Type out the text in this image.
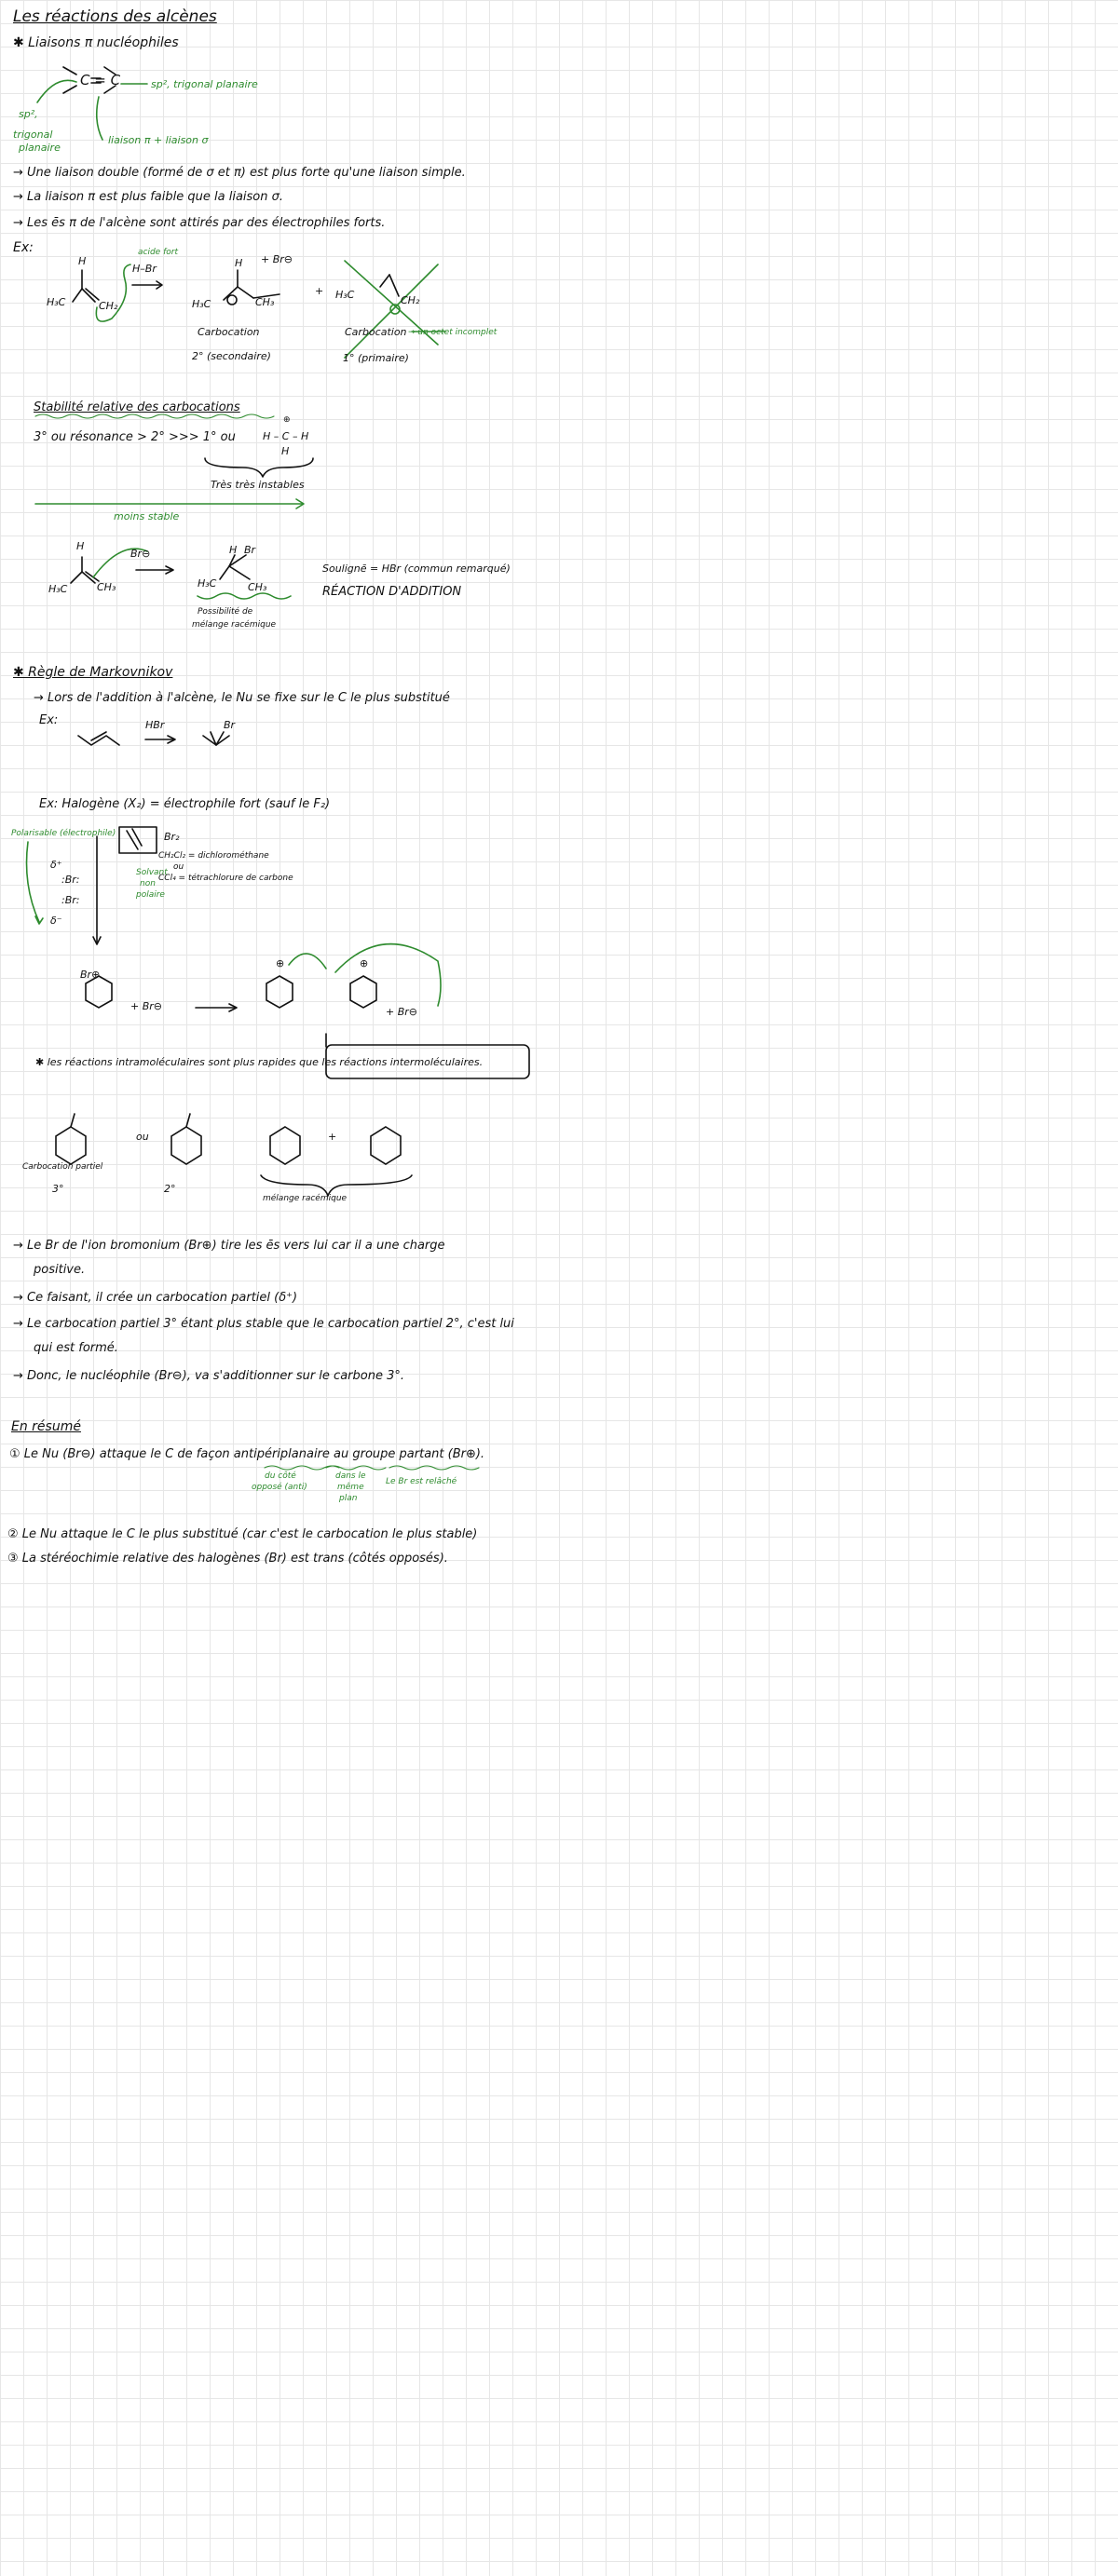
Les réactions des alcènes
✱ Liaisons π nucléophiles
C = C
sp²,
trigonal
planaire
sp², trigonal planaire
liaison π + liaison σ
→ Une liaison double (formé de σ et π) est plus forte qu'une liaison simple.
→ La liaison π est plus faible que la liaison σ.
→ Les ēs π de l'alcène sont attirés par des électrophiles forts.
Ex:	acide fort
H–Br
+ Br⊖
H
H₃C	CH₂
H
H₃C	CH₃
+ H₃C	CH₂
Carbocation
2° (secondaire)
Carbocation → un octet incomplet
1° (primaire)
Stabilité relative des carbocations
3° ou résonance > 2° >>> 1° ou
⊕
H – C – H
H
Très très instables
moins stable
H
Br⊖
H₃C	CH₃
H Br
H₃C	CH₃
Possibilité de
mélange racémique
Soulignē = HBr (commun remarqué)
RÉACTION D'ADDITION
✱ Règle de Markovnikov
→ Lors de l'addition à l'alcène, le Nu se fixe sur le C le plus substitué
Ex:	HBr	Br
Ex: Halogène (X₂) = électrophile fort (sauf le F₂)
Polarisable (électrophile)	Br₂
CH₂Cl₂ = dichlorométhane
ou
CCl₄ = tétrachlorure de carbone
Solvant
non
polaire
δ⁺
:Br:
:Br:
δ⁻
Br⊕
+ Br⊖
⊕	⊕
+ Br⊖
✱ les réactions intramoléculaires sont plus rapides que les réactions intermoléculaires.
Carbocation partiel
3°
ou
2°
+
mélange racémique
→ Le Br de l'ion bromonium (Br⊕) tire les ēs vers lui car il a une charge
positive.
→ Ce faisant, il crée un carbocation partiel (δ⁺)
→ Le carbocation partiel 3° étant plus stable que le carbocation partiel 2°, c'est lui
qui est formé.
→ Donc, le nucléophile (Br⊖), va s'additionner sur le carbone 3°.
En résumé
① Le Nu (Br⊖) attaque le C de façon antipériplanaire au groupe partant (Br⊕).
du côté
opposé (anti)
dans le
même
plan
Le Br est relâché
② Le Nu attaque le C le plus substitué (car c'est le carbocation le plus stable)
③ La stéréochimie relative des halogènes (Br) est trans (côtés opposés).
